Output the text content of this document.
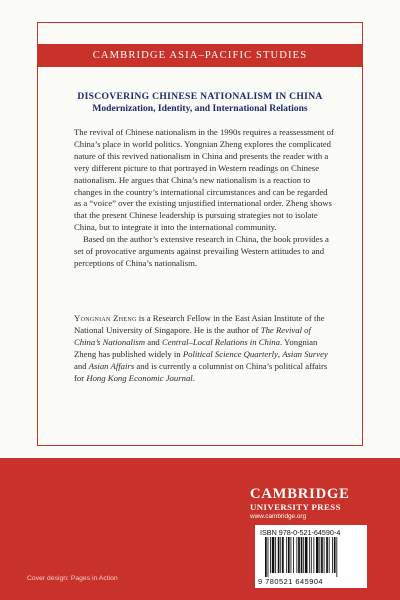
CAMBRIDGE ASIA–PACIFIC STUDIES
DISCOVERING CHINESE NATIONALISM IN CHINA
Modernization, Identity, and International Relations

The revival of Chinese nationalism in the 1990s requires a reassessment of China’s place in world politics. Yongnian Zheng explores the complicated nature of this revived nationalism in China and presents the reader with a very different picture to that portrayed in Western readings on Chinese nationalism. He argues that China’s new nationalism is a reaction to changes in the country’s international circumstances and can be regarded as a “voice” over the existing unjustified international order. Zheng shows that the present Chinese leadership is pursuing strategies not to isolate China, but to integrate it into the international community.

Based on the author’s extensive research in China, the book provides a set of provocative arguments against prevailing Western attitudes to and perceptions of China’s nationalism.

Yongnian Zheng is a Research Fellow in the East Asian Institute of the National University of Singapore. He is the author of The Revival of China’s Nationalism and Central–Local Relations in China. Yongnian Zheng has published widely in Political Science Quarterly, Asian Survey and Asian Affairs and is currently a columnist on China’s political affairs for Hong Kong Economic Journal.
CAMBRIDGE
UNIVERSITY PRESS
www.cambridge.org
ISBN 978-0-521-64590-4
9 780521 645904
Cover design: Pages in Action
